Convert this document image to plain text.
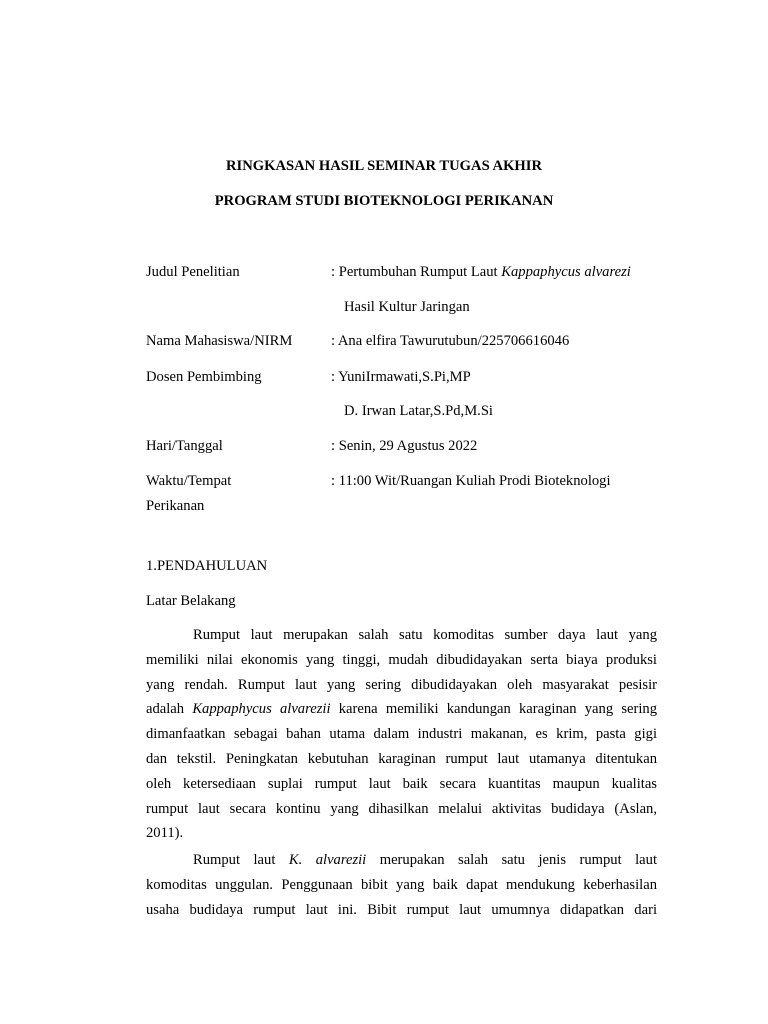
RINGKASAN HASIL SEMINAR TUGAS AKHIR
PROGRAM STUDI BIOTEKNOLOGI PERIKANAN
Judul Penelitian	: Pertumbuhan Rumput Laut Kappaphycus alvarezi
Hasil Kultur Jaringan
Nama Mahasiswa/NIRM	: Ana elfira Tawurutubun/225706616046
Dosen Pembimbing	: YuniIrmawati,S.Pi,MP
D. Irwan Latar,S.Pd,M.Si
Hari/Tanggal	: Senin, 29 Agustus 2022
Waktu/Tempat	: 11:00 Wit/Ruangan Kuliah Prodi Bioteknologi
Perikanan
1.PENDAHULUAN
Latar Belakang
Rumput laut merupakan salah satu komoditas sumber daya laut yang
memiliki nilai ekonomis yang tinggi, mudah dibudidayakan serta biaya produksi
yang rendah. Rumput laut yang sering dibudidayakan oleh masyarakat pesisir
adalah Kappaphycus alvarezii karena memiliki kandungan karaginan yang sering
dimanfaatkan sebagai bahan utama dalam industri makanan, es krim, pasta gigi
dan tekstil. Peningkatan kebutuhan karaginan rumput laut utamanya ditentukan
oleh ketersediaan suplai rumput laut baik secara kuantitas maupun kualitas
rumput laut secara kontinu yang dihasilkan melalui aktivitas budidaya (Aslan,
2011).
Rumput laut K. alvarezii merupakan salah satu jenis rumput laut
komoditas unggulan. Penggunaan bibit yang baik dapat mendukung keberhasilan
usaha budidaya rumput laut ini. Bibit rumput laut umumnya didapatkan dari
